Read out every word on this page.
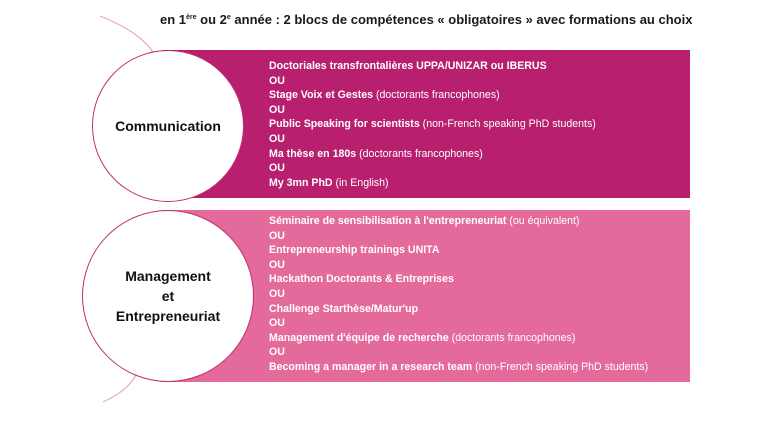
en 1ère ou 2e année : 2 blocs de compétences « obligatoires » avec formations au choix
Doctoriales transfrontalières UPPA/UNIZAR ou IBERUS
OU
Stage Voix et Gestes (doctorants francophones)
OU
Public Speaking for scientists (non-French speaking PhD students)
OU
Ma thèse en 180s (doctorants francophones)
OU
My 3mn PhD (in English)
Séminaire de sensibilisation à l'entrepreneuriat (ou équivalent)
OU
Entrepreneurship trainings UNITA
OU
Hackathon Doctorants & Entreprises
OU
Challenge Starthèse/Matur'up
OU
Management d'équipe de recherche (doctorants francophones)
OU
Becoming a manager in a research team (non-French speaking PhD students)
Communication
Management
et
Entrepreneuriat
